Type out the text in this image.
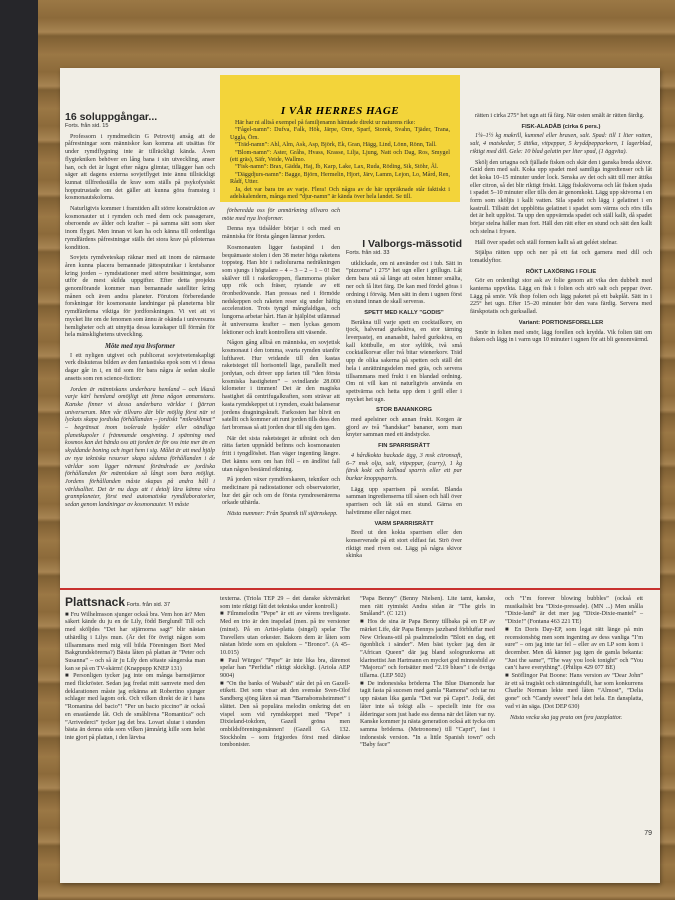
16 soluppgångar...
Forts. från sid. 15

Professorn i rymdmedicin G Petrovitj ansåg att de påfrestningar som människor kan komma att utsättas för under rymdflygning inte är tillräckligt kända. Även flygtekniken behöver en lång bana i sin utveckling, anser han, och det är lugnt efter några glimtar, tillägger han och säger att dagens externa sovjetflyget inte ännu tillräckligt kunnat tillfredsställa de krav som ställs på psykofysiskt hopputrustade om det gäller att kunna göra framsteg i kosmonautskolorna.

Naturligtvis kommer i framtiden allt större konstruktion av kosmonauter ut i rymden och med dem ock passagerare, oberoende av ålder och krafter – på samma sätt som sker inom flyget. Men innan vi kan ha och känna till ordentliga rymdfärdens påfrestningar ställs det stora krav på piloternas kondition.

Sovjets rymdveteskap räknar med att inom de närmaste åren kunna placera bemannade jättesputnikar i kretsbanor kring jorden – rymdstationer med större besättningar, som utför de mest skilda uppgifter. Efter detta projekts genomförande kommer man bemannade satelliter kring månen och även andra planeter. Förutom förberedande forskningar för kosmonaute landningar på planeterna blir rymdfärderna viktiga för jordforskningen. Vi vet att vi mycket lite om de fenomen som ännu är okända i universums hemligheter och att utnyttja dessa kunskaper till förmån för hela mänsklighetens utveckling.

Möte med nya livsformer

I ett nyligen utgivet och publicerat sovjetvetenskapligt verk diskuteras bilden av den fantastiska epok som vi i dessa dagar går in i, en tid som för bara några år sedan skulle ansetts som ren science-fiction:

Jorden är människans underbara hemland – och likaså varje kärl hemland omöjligt att finna någon annanstans. Kanske finner vi dessa underbara världar i fjärran universerum. Men vår tillvaro där blir möjlig först när vi lyckats skapa jordiska förhållanden – jordiskt ”mikroklimat” – begränsat inom isolerade hydder eller oändliga planetkupoler i främmande omgivning. I spänning med kosmos kan det hända oss att jorden är för oss inte mer än en skyddande boning och inget hem i sig. Målet är att med hjälp av nya tekniska resurser skapa sådana förhållanden i de världar som ligger närmast förändrade av jordiska förhållanden för människan så långt som bara möjligt. Jordens förhållanden måste skapas på andra håll i världsalltet. Det är nu dags att i detalj lära känna våra grannplaneter, först med automatiska rymdlaboratorier, sedan genom landningar av kosmonauter. Vi måste

I VÅR HERRES HAGE

Här har ni alltså exempel på familjenamn hämtade direkt ur naturens rike:

”Fågel-namn”: Dufva, Falk, Hök, Järpe, Orre, Sparf, Storek, Svahn, Tjäder, Trana, Uggla, Örn.

”Träd-namn”: Ahl, Alm, Ask, Asp, Björk, Ek, Gran, Hägg, Lind, Lönn, Rönn, Tall.

”Blom-namn”: Aster, Gråhs, Hvass, Krasse, Lilja, Ljung, Natt och Dag, Ros, Smygel (ett gräs), Säfr, Veide, Wallmo.

”Fisk-namn”: Brax, Gädda, Haj, Ib, Karp, Lake, Lax, Ruda, Röding, Sik, Stöhr, Ål.

”Däggdjurs-namn”: Bagge, Björn, Hermelin, Hjort, Järv, Lamm, Lejon, Lo, Mård, Ren, Rådf, Utter.

Ja, det var bara tre av varje. Flera! Och några av de här uppräknade står faktiskt i adelskalendern, många med ”djur-namn” är kända över hela landet. Se till.

förberedda oss för anmärkning tillvaro och möte med nya livsformer.

Denna nya tidsålder börjar i och med en människa för första gången lämnar jorden.

Kosmonauten ligger fastspänd i den bequämaste stolen i den 38 meter höga raketens toppsteg. Han hör i radiolurarna nedräkningen som sjungs i högtalare – 4 – 3 – 2 – 1 – 0! Det skälver till i raketkroppen, flammorna pisker upp rök och fräser, rytande av ett öronbedövande. Han pressas ned i förmöde nedskeppen och raketen reser sig under häftig acceleration. Trots tyngd mångfaldigas, och lungorna arbetar hårt. Han är hjälplöst utlämnad åt universums krafter – men lyckas genom lektioner och kraft kontrollera sitt väsende.

Någon gång alltså en människa, en sovjetisk kosmonaut i den tomma, svarta rymden utanför lufthavet. Hur vridande till den kastas raketsteget till horisontell läge, parallellt med jordytan, och driver upp farten till ”den första kosmiska hastigheten” – svindlande 28.000 kilometer i timmen! Det är den magiska hastighet då centrifugalkraften, som strävar att kasta rymdskeppet ut i rymden, exakt balanserar jordens dragningskraft. Farkosten har blivit en satellit och kommer att runt jorden tills dess den fart bromsas så att jorden drar till sig den igen.

När det sista raketsteget är utbränt och den rätta farten uppnådd befinns och kosmonauten fritt i tyngdlöshet. Han väger ingenting längre. Det känns som om han föll – en ändlöst fall utan någon bestämd riktning.

På jorden växer rymdforskaren, tekniker och medicinare på radiostationer och observatorier, hur det går och om de första rymdresenärerna orkade uthärda.

Nästa nummer: Från Sputnik till stjärnskepp.

I Valborgs-mässotid
Forts. från sid. 33

utklickade, om ni använder ost i tub. Sätt in ”pizzorna” i 275° het ugn eller i grillugn. Låt dem bara stå så länge att osten hinner smälta, ner och få litet färg. De kan med fördel göras i ordning i förväg. Men sätt in dem i ugnen först en stund innan de skall serveras.

SPETT MED KALLY ”GODIS”

Beräkna till varje spett en cocktailkorv, en tjock, halverad gurkskiva, en stor tärning leverpastej, en ananasbit, halvd gurkskiva, en kall köttbulle, en stor syltlök, två små cocktailkorvar eller två bitar wienerkorv. Träd upp de olika sakerna på spetten och ställ det hela i anrättningsdelen med gräs, och servera tillsammans med frukt i en blandad ordning. Om ni vill kan ni naturligtvis använda en spettvärma och hetta upp dem i grill eller i mycket het ugn.

STOR BANANKORG

med apelsiner och annan frukt. Korgen är gjord av två ”handskar” bananer, som man knyter samman med ett ändstycke.

FIN SPARRISRÄTT

4 hårdkokta hackade ägg, 3 msk citronsaft, 6–7 msk olja, salt, vitpeppar, (curry), 1 kg färsk kokt och kallnad sparris eller ett par burkar knoppsparris.

Lägg upp sparrisen på sorsfat. Blanda samman ingredienserna till såsen och häll över sparrisen och låt stå en stund. Gärna en halvtimme eller något mer.

VARM SPARRISRÄTT

Bred ut den kokta sparrisen eller den konserverade på ett stort eldfast fat. Strö över riktigt med riven ost. Lägg på några skivor skinka

rätten i cirka 275° het ugn att få färg. När osten smält är rätten färdig.

FISK-ALADÅB (cirka 6 pers.)

1¼–1½ kg makrill, kummel eller braxen, salt. Spad: till 1 liter vatten, salt, 4 matskedar, 5 ättika, vitpeppar, 5 kryddpepparkorn, 1 lagerblad, riktigt med dill. Gele: 10 blad gelatin per liter spad, (1 äggvita).

Skölj den urtagna och fjällade fisken och skär den i ganska breda skivor. Gnid dem med salt. Koka upp spadet med samtliga ingredienser och låt det koka 10–15 minuter under lock. Senska av det och sätt till mer ättika eller citron, så det blir riktigt friskt. Lägg fiskskivorna och låt fisken sjuda i spadet 5–10 minuter eller tills den är genomkokt. Lägg upp skivorna i en form som sköljts i kallt vatten. Sila spadet och lägg i gelatinet i en kastrull. Tillsätt det uppblötta gelatinet i spadet som värms och rörs tills det är helt upplöst. Ta upp den uppvärmda spadet och ställ kallt, då spadet börjar stelna häller man fort. Häll den rätt efter en stund och sätt den kallt och stelna i frysen.

Häll över spadet och ställ formen kallt så att geléet stelnar.

Stjälpa rätten upp och ner på ett fat och garnera med dill och tomatklyftor.

RÖKT LAXÖRING I FOLIE

Gör en ordentligt stor ask av folie genom att vika den dubbelt med kanterna uppvikta. Lägg en fisk i folien och strö salt och peppar över. Lägg på smör. Vik ihop folien och lägg paketet på ett bakplåt. Sätt in i 225° het ugn. Efter 15–20 minuter bör den vara färdig. Servera med färskpotatis och gurksallad.

Variant: PORTIONSFORELLER

Smör in folien med smör, lägg forellen och krydda. Vik folien tätt om fisken och lägg in i varm ugn 10 minuter i ugnen för att bli genomvärmd.

Plattsnack Forts. från sid. 37

■ Fru Wilhelmsson sjunger också bra. Vem hon är? Men säkert kände du ju en de Lily, född Berglund! Till och med sköljdes ”Det har stjärnorna sagt” blir nästan uthärdlig i Lilys mun. (Är det för övrigt någon som tillsammans med mig vill bilda Föreningen Bort Med Bakgrundskörerna?) Bästa låten på plattan är ”Peter och Susanna” – och så är ju Lily den sötaste sångerska man kan se på en TV-skärm! (Knappupp KNEP 131)
■ Personligen tycker jag inte om många barnstjärnor med flickröster. Sedan jag fredat mitt samvete med den deklarationen måste jag erkänna att Robertino sjunger schlager med lagom ork. Och vilken direkt de är i hans ”Romanina del bacio”! ”Per un bacio piccino” är också en enastående låt. Och de småblivna ”Romantica” och ”Arrivederci” tycker jag det bra. Lovari slutar i stunden bästa än denna sida som vilken jämnårig kille som helst inte gjort på plattan, i den lärvisa

texterna. (Triola TEP 29 – det danske skivmärket som inte riktigt fått det tekniska under kontroll.)
■ Filmmelodin ”Pepe” är ett av vårens trevligaste. Med en trio är den inspelad (men. på tre versioner (minst). På en Artist-platta (singel) spelar The Travellers utan orkester. Bakom dem är låten som nästan hörde som en sjukdom – ”Bronco”. (A 45–10.015)
■ Paul Würges’ ”Pepe” är inte lika bra, däremot spelar han ”Perfidia” riktigt skickligt. (Ariola AEP 9004)
■ ”On the banks of Wabash” står det på en Gazell-etikett. Det som visar att den svenske Sven-Olof Sandberg sjöng låten så man ”Barnsbomsheimmet” i slättet. Den så populära melodin omkring det en vispel som vid rymdskeppet med ”Pepe” i Dixieland-tokdom, Gazell gröna men ombildsföreningsmännen! (Gazell GA 132. Stockholm – som frigjordes först med dänkse tombonister.

”Papa Benny” (Benny Nielsen). Lite tamt, kanske, men rätt rytmiskt Andra sidan är ”The girls in Småland”. (C 121)
■ Hos de sina är Papa Benny tillbaka på en EP av märket Life, där Papa Bennys jazzband förbluffar med New Orleans-stil på psalmmelodin ”Blott en dag, ett ögonblick i sänder”. Men bäst tycker jag den är ”African Queen” där jag bland sologrunkorna att klarinettist Jan Hartmann en mycket god minnesbild av ”Majorca” och fortsätter med ”2.19 blues” i de övriga tillarna. (LEP 502)
■ De indonesiska bröderna The Blue Diamondz har tagit fasta på sucesen med gamla ”Ramona” och tar nu upp nästan lika gamla ”Det var på Capri”. Jodå, det låter inte så tokigt alls – speciellt inte för oss ålderingar som just hade ess denna när det låten var ny. Kanske kommer ju nästa generation också att tycka om samma bröderna. (Metronome) till ”Capri”, fast i indonesisk version. ”In a little Spanish town” och ”Baby face”

och ”I’m forever blowing bubbles” (också ett musikaliskt bra ”Dixie-pressade). (MN ...) Men snålla ”Dixie-land” är det mer jag ”Dixie-Dixie-mantel” – ”Dixie!” (Fontana 463 221 TE)
■ En Doris Day-EP, som legat rätt länge på min recensionshög men som ingenting av dess vanliga ”I’m sure” – om jag inte tar fel – eller av en LP som kom i december. Men då känner jag igen de gamla bekanta: ”Just the same”, ”The way you look tonight” och ”You can’t have everything”. (Philips 429 077 BE)
■ Snöflingor Pat Boone: Hans version av ”Dear John” är ett så tragiskt och stämningsfullt, har som konkurrens Charlie Norman lekte med låten ”Almost”, ”Delia gone” och ”Candy sweet” hela det hela. En dansplatta, vad vi än säga. (Dot DEP 630)

Nästa vecka ska jag prata om fyra jazzplattor.

79
